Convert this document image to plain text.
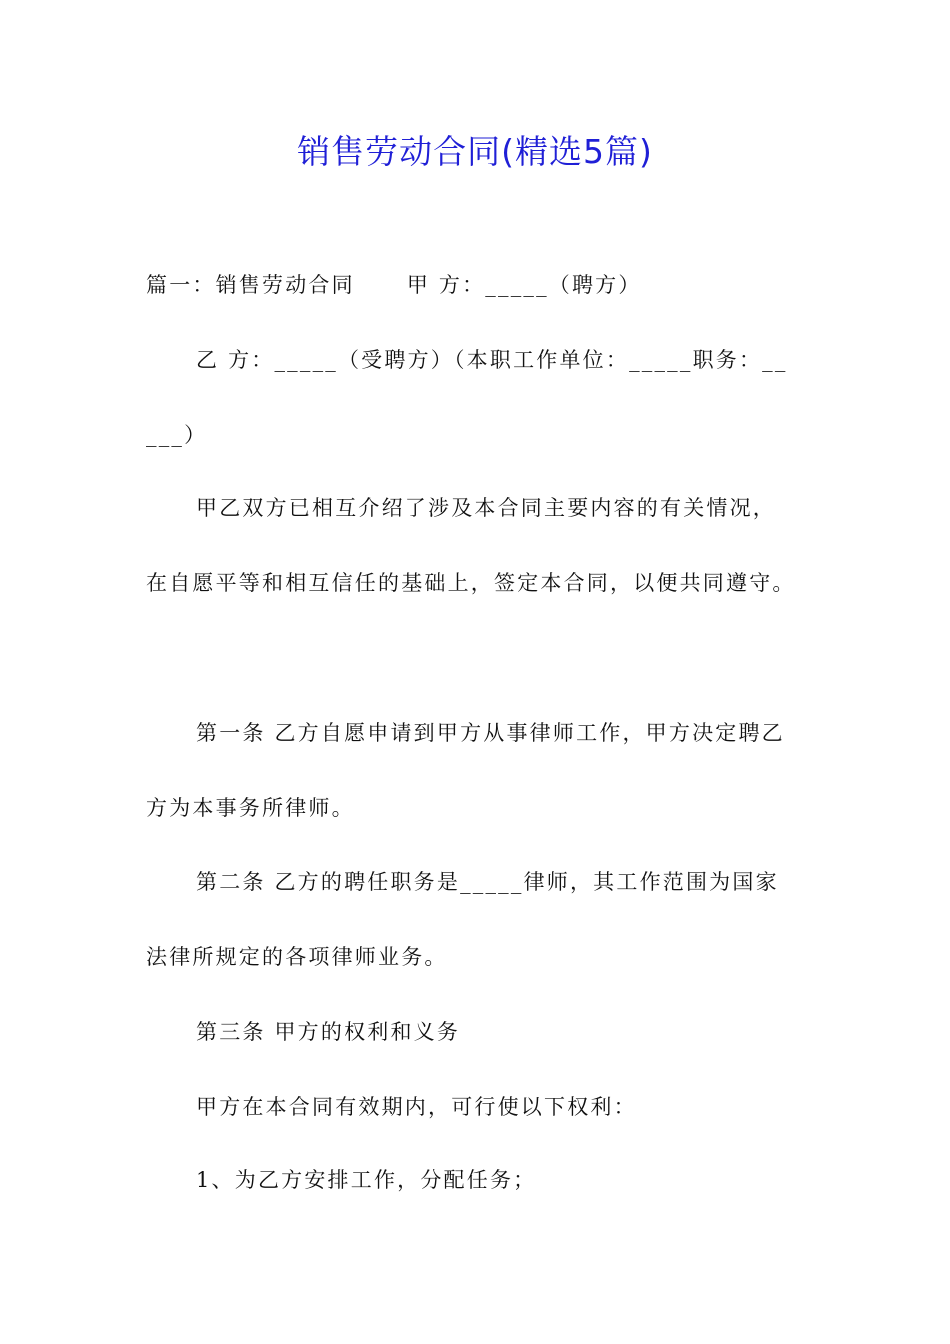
销售劳动合同(精选5篇)
篇一：销售劳动合同 甲 方：_____（聘方）
乙 方：_____（受聘方）（本职工作单位：_____职务：__
___）
甲乙双方已相互介绍了涉及本合同主要内容的有关情况，
在自愿平等和相互信任的基础上，签定本合同，以便共同遵守。
第一条 乙方自愿申请到甲方从事律师工作，甲方决定聘乙
方为本事务所律师。
第二条 乙方的聘任职务是_____律师，其工作范围为国家
法律所规定的各项律师业务。
第三条 甲方的权利和义务
甲方在本合同有效期内，可行使以下权利：
1、为乙方安排工作，分配任务；
